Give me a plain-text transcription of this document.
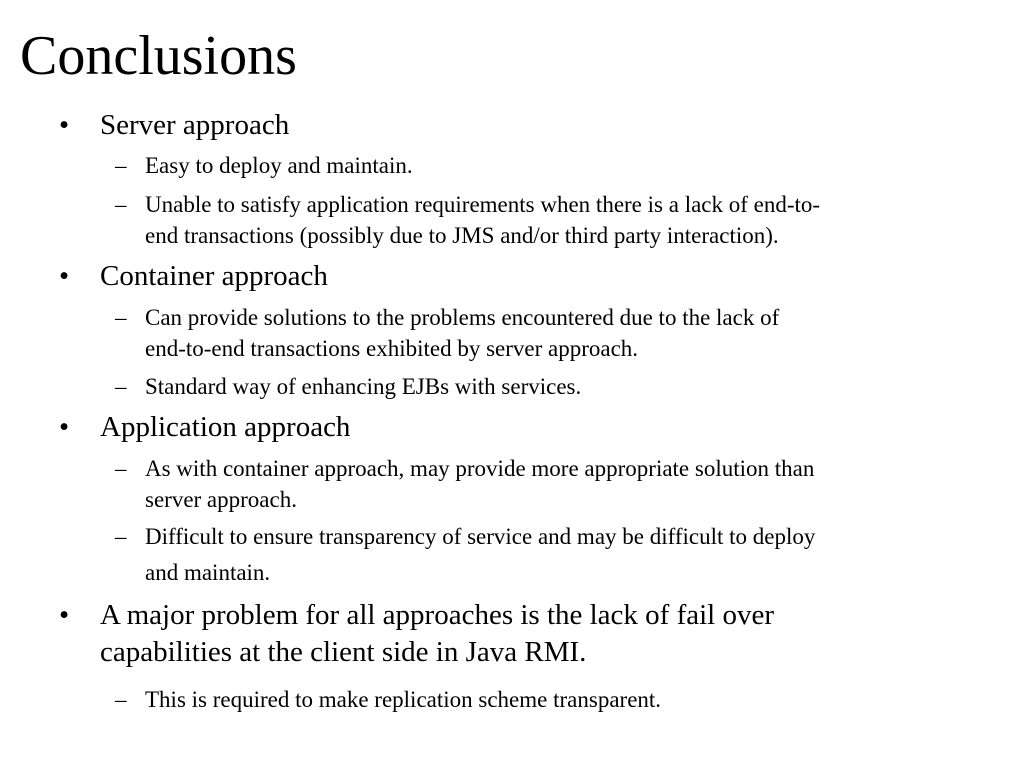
Conclusions
• Server approach
– Easy to deploy and maintain.
– Unable to satisfy application requirements when there is a lack of end-to-
end transactions (possibly due to JMS and/or third party interaction).
• Container approach
– Can provide solutions to the problems encountered due to the lack of
end-to-end transactions exhibited by server approach.
– Standard way of enhancing EJBs with services.
• Application approach
– As with container approach, may provide more appropriate solution than
server approach.
– Difficult to ensure transparency of service and may be difficult to deploy
and maintain.
• A major problem for all approaches is the lack of fail over
capabilities at the client side in Java RMI.
– This is required to make replication scheme transparent.
